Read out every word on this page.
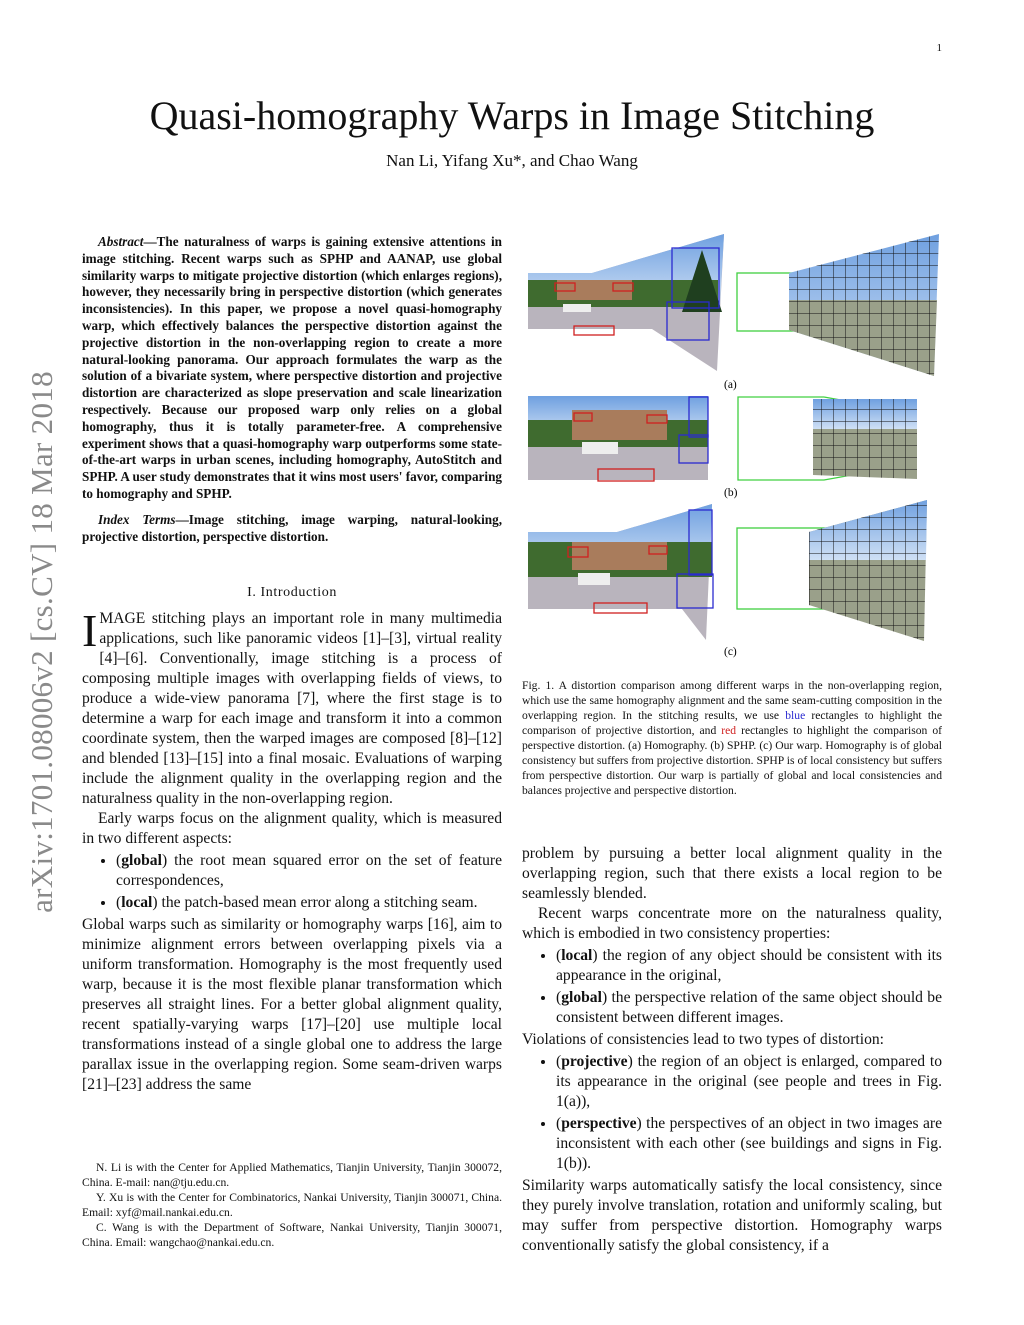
1
Quasi-homography Warps in Image Stitching
Nan Li, Yifang Xu*, and Chao Wang
arXiv:1701.08006v2 [cs.CV] 18 Mar 2018

Abstract—The naturalness of warps is gaining extensive attentions in image stitching. Recent warps such as SPHP and AANAP, use global similarity warps to mitigate projective distortion (which enlarges regions), however, they necessarily bring in perspective distortion (which generates inconsistencies). In this paper, we propose a novel quasi-homography warp, which effectively balances the perspective distortion against the projective distortion in the non-overlapping region to create a more natural-looking panorama. Our approach formulates the warp as the solution of a bivariate system, where perspective distortion and projective distortion are characterized as slope preservation and scale linearization respectively. Because our proposed warp only relies on a global homography, thus it is totally parameter-free. A comprehensive experiment shows that a quasi-homography warp outperforms some state-of-the-art warps in urban scenes, including homography, AutoStitch and SPHP. A user study demonstrates that it wins most users' favor, comparing to homography and SPHP.

Index Terms—Image stitching, image warping, natural-looking, projective distortion, perspective distortion.

I. Introduction

IMAGE stitching plays an important role in many multimedia applications, such like panoramic videos [1]–[3], virtual reality [4]–[6]. Conventionally, image stitching is a process of composing multiple images with overlapping fields of views, to produce a wide-view panorama [7], where the first stage is to determine a warp for each image and transform it into a common coordinate system, then the warped images are composed [8]–[12] and blended [13]–[15] into a final mosaic. Evaluations of warping include the alignment quality in the overlapping region and the naturalness quality in the non-overlapping region.

Early warps focus on the alignment quality, which is measured in two different aspects:

• (global) the root mean squared error on the set of feature correspondences,
• (local) the patch-based mean error along a stitching seam.

Global warps such as similarity or homography warps [16], aim to minimize alignment errors between overlapping pixels via a uniform transformation. Homography is the most frequently used warp, because it is the most flexible planar transformation which preserves all straight lines. For a better global alignment quality, recent spatially-varying warps [17]–[20] use multiple local transformations instead of a single global one to address the large parallax issue in the overlapping region. Some seam-driven warps [21]–[23] address the same

N. Li is with the Center for Applied Mathematics, Tianjin University, Tianjin 300072, China. E-mail: nan@tju.edu.cn.

Y. Xu is with the Center for Combinatorics, Nankai University, Tianjin 300071, China. Email: xyf@mail.nankai.edu.cn.

C. Wang is with the Department of Software, Nankai University, Tianjin 300071, China. Email: wangchao@nankai.edu.cn.

(a)
(b)
(c)
Fig. 1. A distortion comparison among different warps in the non-overlapping region, which use the same homography alignment and the same seam-cutting composition in the overlapping region. In the stitching results, we use blue rectangles to highlight the comparison of projective distortion, and red rectangles to highlight the comparison of perspective distortion. (a) Homography. (b) SPHP. (c) Our warp. Homography is of global consistency but suffers from projective distortion. SPHP is of local consistency but suffers from perspective distortion. Our warp is partially of global and local consistencies and balances projective and perspective distortion.

problem by pursuing a better local alignment quality in the overlapping region, such that there exists a local region to be seamlessly blended.

Recent warps concentrate more on the naturalness quality, which is embodied in two consistency properties:

• (local) the region of any object should be consistent with its appearance in the original,
• (global) the perspective relation of the same object should be consistent between different images.

Violations of consistencies lead to two types of distortion:

• (projective) the region of an object is enlarged, compared to its appearance in the original (see people and trees in Fig. 1(a)),
• (perspective) the perspectives of an object in two images are inconsistent with each other (see buildings and signs in Fig. 1(b)).

Similarity warps automatically satisfy the local consistency, since they purely involve translation, rotation and uniformly scaling, but may suffer from perspective distortion. Homography warps conventionally satisfy the global consistency, if a
